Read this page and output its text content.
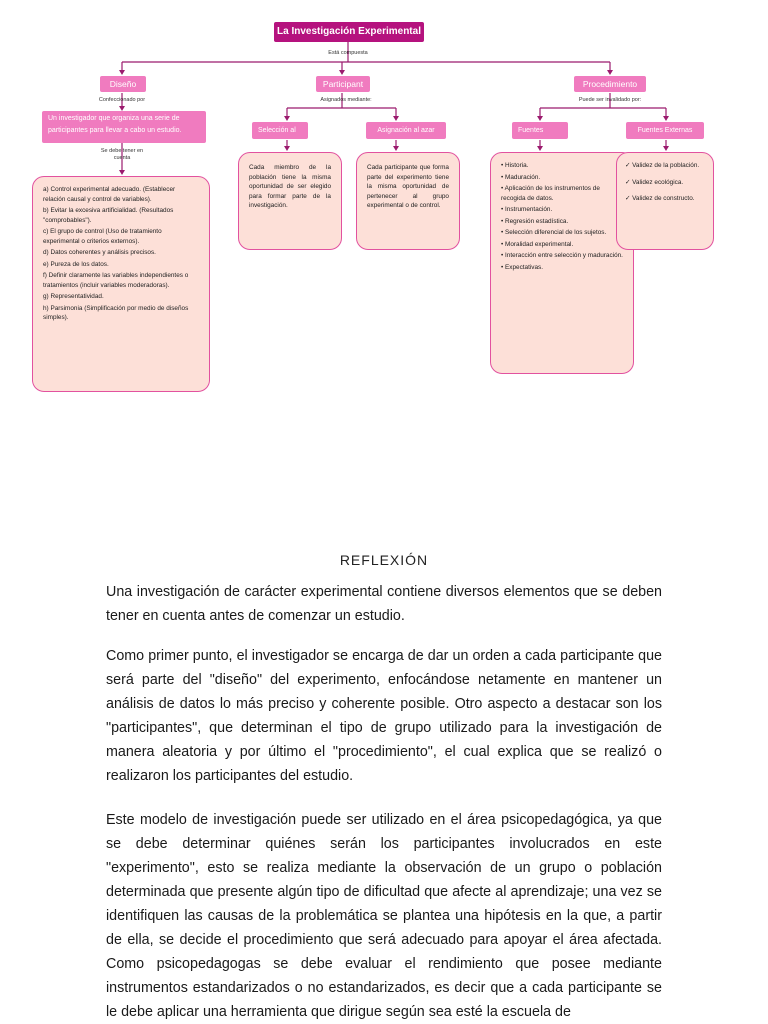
La Investigación Experimental
Está compuesta
Diseño
Confeccionado por
Un investigador que organiza una serie de participantes para llevar a cabo un estudio.
Se debe tener en cuenta
a) Control experimental adecuado. (Establecer relación causal y control de variables).
b) Evitar la excesiva artificialidad. (Resultados "comprobables").
c) El grupo de control (Uso de tratamiento experimental o criterios externos).
d) Datos coherentes y análisis precisos.
e) Pureza de los datos.
f) Definir claramente las variables independientes o tratamientos (incluir variables moderadoras).
g) Representatividad.
h) Parsimonia (Simplificación por medio de diseños simples).
Participant
Asignados mediante:
Selección al	Asignación al azar
Cada miembro de la población tiene la misma oportunidad de ser elegido para formar parte de la investigación.
Cada participante que forma parte del experimento tiene la misma oportunidad de pertenecer al grupo experimental o de control.
Procedimiento
Puede ser invalidado por:
Fuentes	Fuentes Externas
• Historia.
• Maduración.
• Aplicación de los instrumentos de recogida de datos.
• Instrumentación.
• Regresión estadística.
• Selección diferencial de los sujetos.
• Moralidad experimental.
• Interacción entre selección y maduración.
• Expectativas.
✓ Validez de la población.
✓ Validez ecológica.
✓ Validez de constructo.
REFLEXIÓN
Una investigación de carácter experimental contiene diversos elementos que se deben tener en cuenta antes de comenzar un estudio.
Como primer punto, el investigador se encarga de dar un orden a cada participante que será parte del "diseño" del experimento, enfocándose netamente en mantener un análisis de datos lo más preciso y coherente posible. Otro aspecto a destacar son los "participantes", que determinan el tipo de grupo utilizado para la investigación de manera aleatoria y por último el "procedimiento", el cual explica que se realizó o realizaron los participantes del estudio.
Este modelo de investigación puede ser utilizado en el área psicopedagógica, ya que se debe determinar quiénes serán los participantes involucrados en este "experimento", esto se realiza mediante la observación de un grupo o población determinada que presente algún tipo de dificultad que afecte al aprendizaje; una vez se identifiquen las causas de la problemática se plantea una hipótesis en la que, a partir de ella, se decide el procedimiento que será adecuado para apoyar el área afectada. Como psicopedagogas se debe evaluar el rendimiento que posee mediante instrumentos estandarizados o no estandarizados, es decir que a cada participante se le debe aplicar una herramienta que dirigue según sea esté la escuela de
